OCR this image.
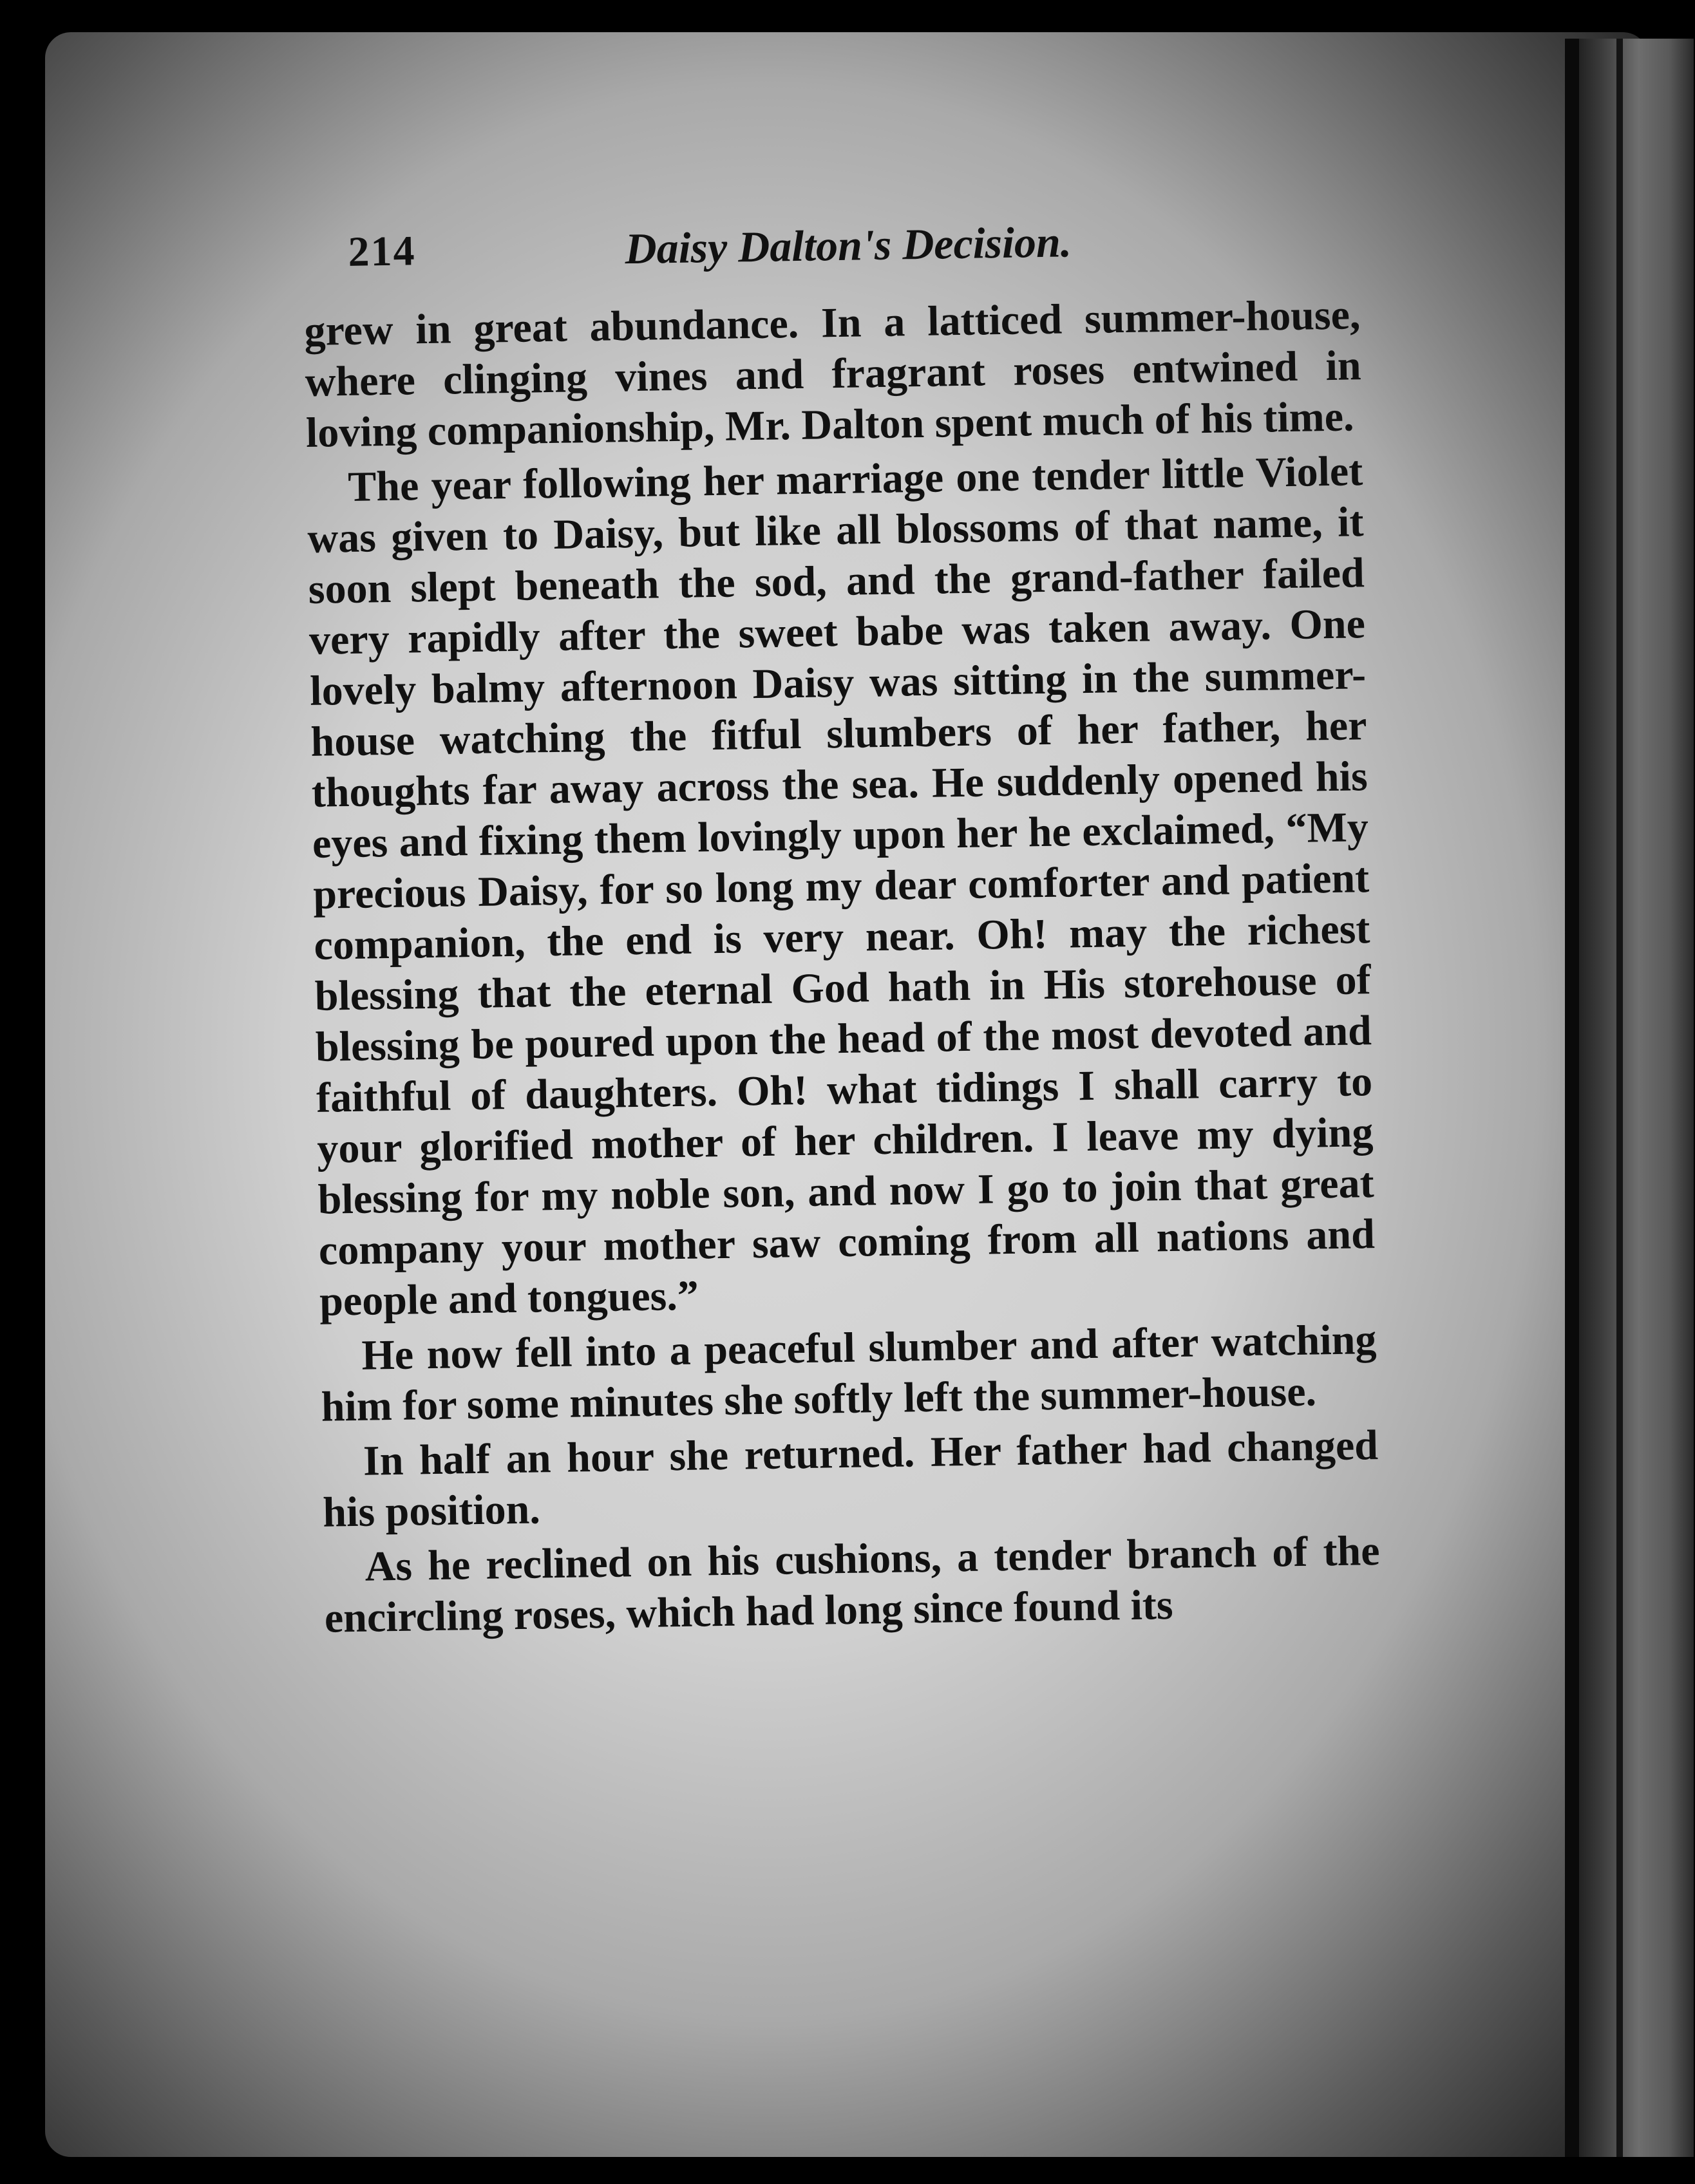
214	Daisy Dalton's Decision.

grew in great abundance. In a latticed summer-house, where clinging vines and fragrant roses entwined in loving companionship, Mr. Dalton spent much of his time.

The year following her marriage one tender little Violet was given to Daisy, but like all blossoms of that name, it soon slept beneath the sod, and the grand-father failed very rapidly after the sweet babe was taken away. One lovely balmy afternoon Daisy was sitting in the summer-house watching the fitful slumbers of her father, her thoughts far away across the sea. He suddenly opened his eyes and fixing them lovingly upon her he exclaimed, “My precious Daisy, for so long my dear comforter and patient companion, the end is very near. Oh! may the richest blessing that the eternal God hath in His storehouse of blessing be poured upon the head of the most devoted and faithful of daughters. Oh! what tidings I shall carry to your glorified mother of her children. I leave my dying blessing for my noble son, and now I go to join that great company your mother saw coming from all nations and people and tongues.”

He now fell into a peaceful slumber and after watching him for some minutes she softly left the summer-house.

In half an hour she returned. Her father had changed his position.

As he reclined on his cushions, a tender branch of the encircling roses, which had long since found its
